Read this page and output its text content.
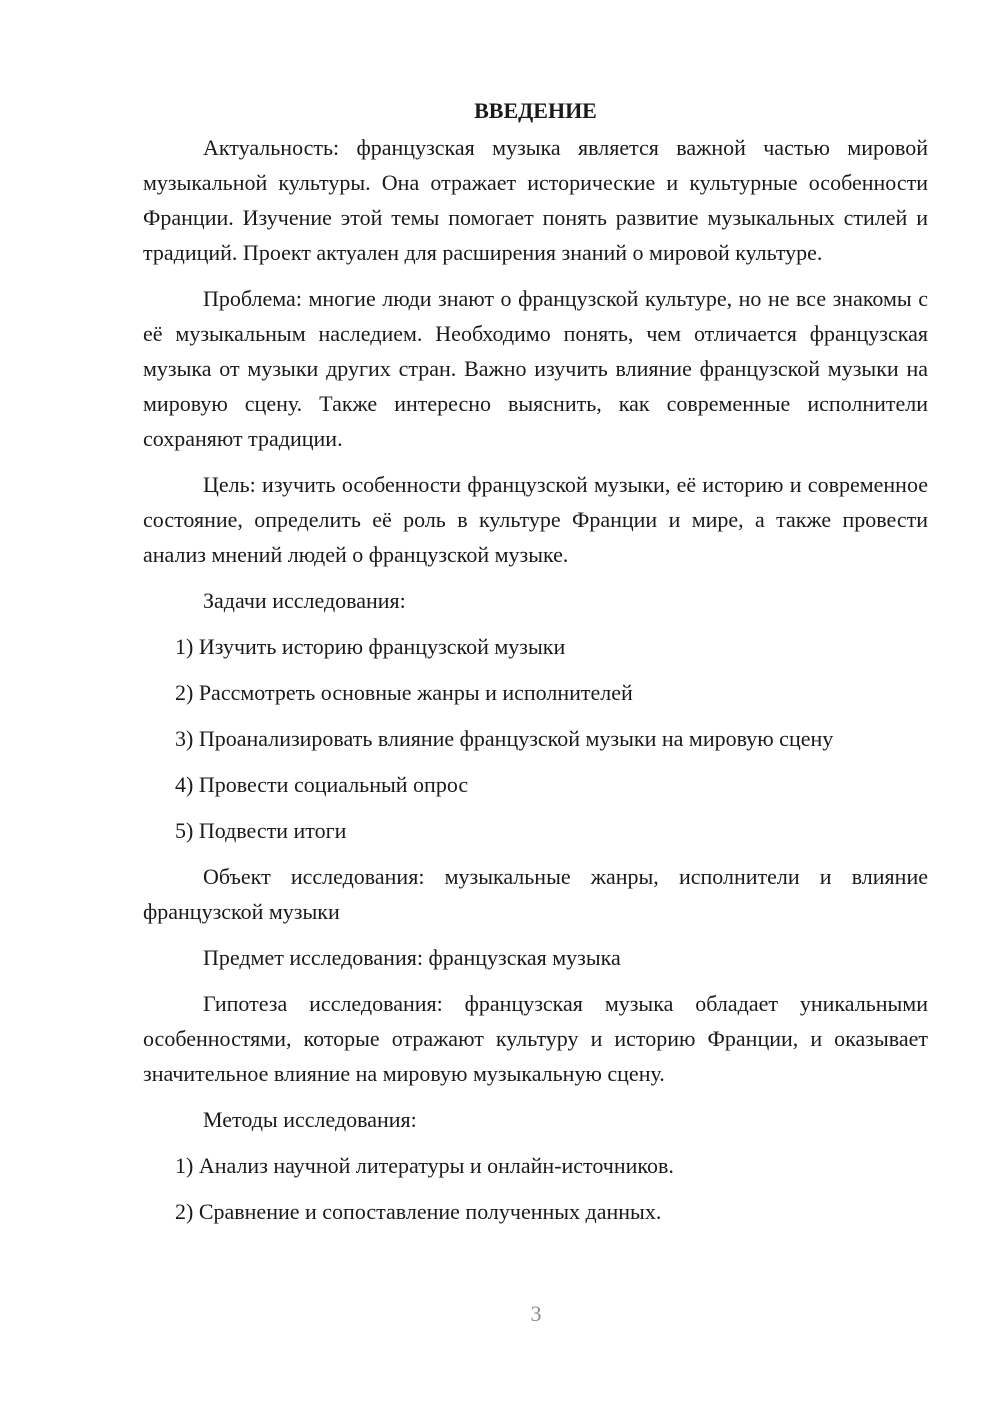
ВВЕДЕНИЕ

Актуальность: французская музыка является важной частью мировой музыкальной культуры. Она отражает исторические и культурные особенности Франции. Изучение этой темы помогает понять развитие музыкальных стилей и традиций. Проект актуален для расширения знаний о мировой культуре.

Проблема: многие люди знают о французской культуре, но не все знакомы с её музыкальным наследием. Необходимо понять, чем отличается французская музыка от музыки других стран. Важно изучить влияние французской музыки на мировую сцену. Также интересно выяснить, как современные исполнители сохраняют традиции.

Цель: изучить особенности французской музыки, её историю и современное состояние, определить её роль в культуре Франции и мире, а также провести анализ мнений людей о французской музыке.

Задачи исследования:

1) Изучить историю французской музыки
2) Рассмотреть основные жанры и исполнителей
3) Проанализировать влияние французской музыки на мировую сцену
4) Провести социальный опрос
5) Подвести итоги

Объект исследования: музыкальные жанры, исполнители и влияние французской музыки

Предмет исследования: французская музыка

Гипотеза исследования: французская музыка обладает уникальными особенностями, которые отражают культуру и историю Франции, и оказывает значительное влияние на мировую музыкальную сцену.

Методы исследования:

1) Анализ научной литературы и онлайн-источников.
2) Сравнение и сопоставление полученных данных.
3
